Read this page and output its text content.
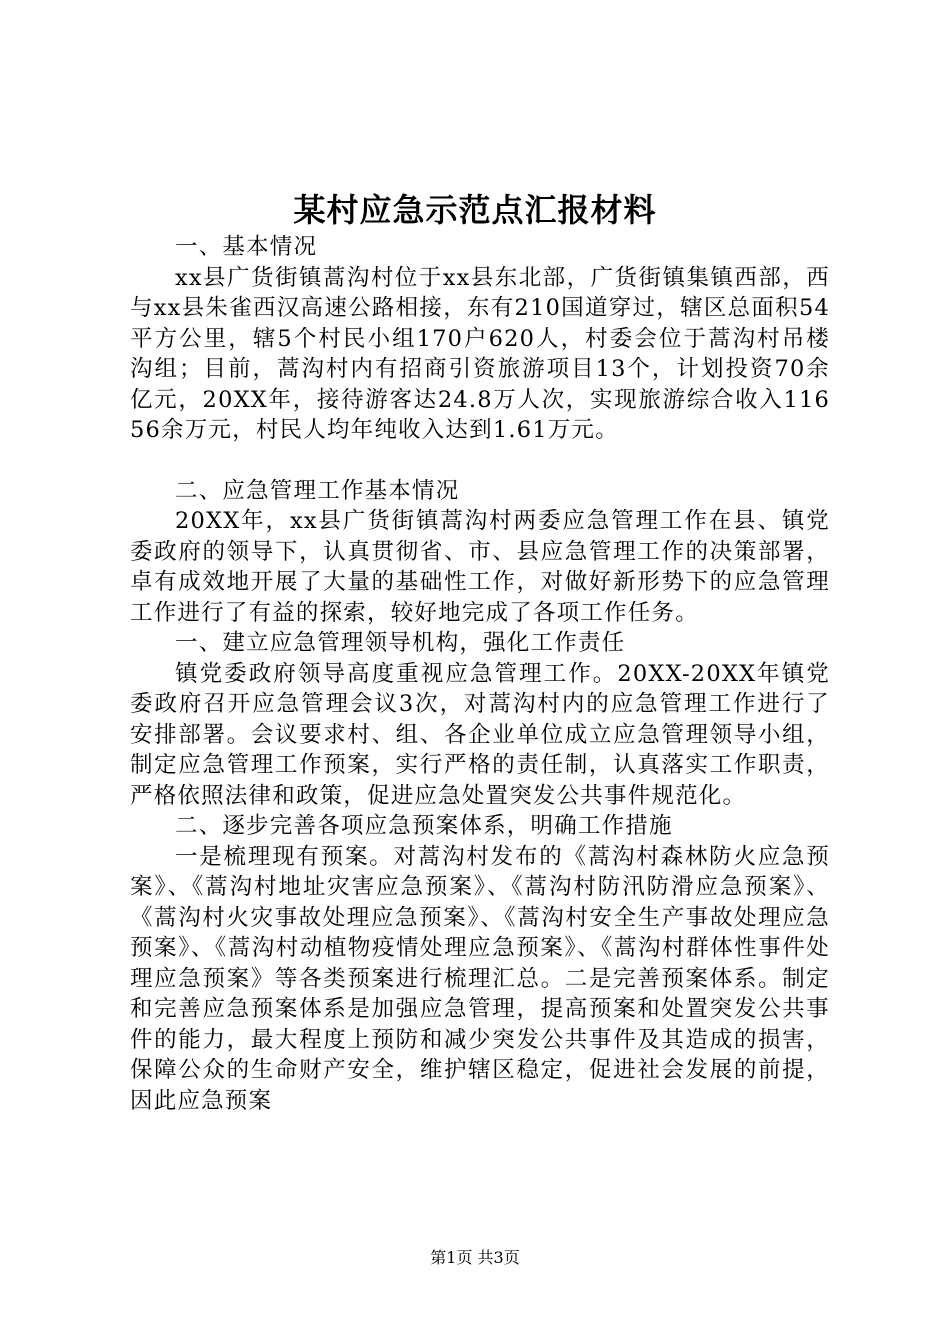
某村应急示范点汇报材料

一、基本情况

xx县广货街镇蒿沟村位于xx县东北部，广货街镇集镇西部，西与xx县朱雀西汉高速公路相接，东有210国道穿过，辖区总面积54平方公里，辖5个村民小组170户620人，村委会位于蒿沟村吊楼沟组；目前，蒿沟村内有招商引资旅游项目13个，计划投资70余亿元，20XX年，接待游客达24.8万人次，实现旅游综合收入11656余万元，村民人均年纯收入达到1.61万元。

二、应急管理工作基本情况

20XX年，xx县广货街镇蒿沟村两委应急管理工作在县、镇党委政府的领导下，认真贯彻省、市、县应急管理工作的决策部署，卓有成效地开展了大量的基础性工作，对做好新形势下的应急管理工作进行了有益的探索，较好地完成了各项工作任务。

一、建立应急管理领导机构，强化工作责任

镇党委政府领导高度重视应急管理工作。20XX-20XX年镇党委政府召开应急管理会议3次，对蒿沟村内的应急管理工作进行了安排部署。会议要求村、组、各企业单位成立应急管理领导小组，制定应急管理工作预案，实行严格的责任制，认真落实工作职责，严格依照法律和政策，促进应急处置突发公共事件规范化。

二、逐步完善各项应急预案体系，明确工作措施

一是梳理现有预案。对蒿沟村发布的《蒿沟村森林防火应急预案》、《蒿沟村地址灾害应急预案》、《蒿沟村防汛防滑应急预案》、《蒿沟村火灾事故处理应急预案》、《蒿沟村安全生产事故处理应急预案》、《蒿沟村动植物疫情处理应急预案》、《蒿沟村群体性事件处理应急预案》等各类预案进行梳理汇总。二是完善预案体系。制定和完善应急预案体系是加强应急管理，提高预案和处置突发公共事件的能力，最大程度上预防和减少突发公共事件及其造成的损害，保障公众的生命财产安全，维护辖区稳定，促进社会发展的前提，因此应急预案

第1页 共3页
